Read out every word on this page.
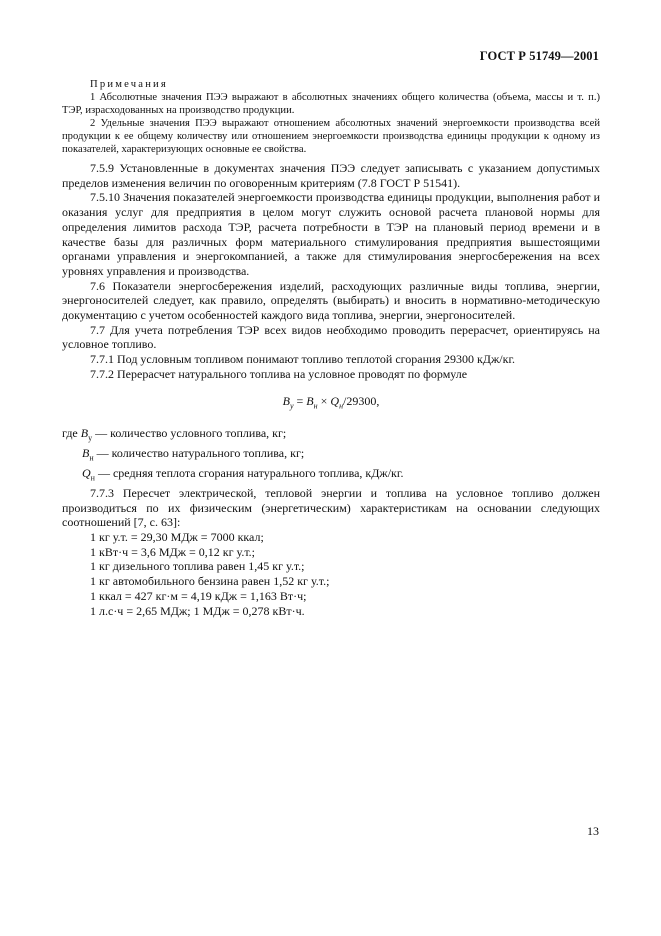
ГОСТ Р 51749—2001
Примечания

1 Абсолютные значения ПЭЭ выражают в абсолютных значениях общего количества (объема, массы и т. п.) ТЭР, израсходованных на производство продукции.

2 Удельные значения ПЭЭ выражают отношением абсолютных значений энергоемкости производства всей продукции к ее общему количеству или отношением энергоемкости производства единицы продукции к одному из показателей, характеризующих основные ее свойства.

7.5.9 Установленные в документах значения ПЭЭ следует записывать с указанием допустимых пределов изменения величин по оговоренным критериям (7.8 ГОСТ Р 51541).

7.5.10 Значения показателей энергоемкости производства единицы продукции, выполнения работ и оказания услуг для предприятия в целом могут служить основой расчета плановой нормы для определения лимитов расхода ТЭР, расчета потребности в ТЭР на плановый период времени и в качестве базы для различных форм материального стимулирования предприятия вышестоящими органами управления и энергокомпанией, а также для стимулирования энергосбережения на всех уровнях управления и производства.

7.6 Показатели энергосбережения изделий, расходующих различные виды топлива, энергии, энергоносителей следует, как правило, определять (выбирать) и вносить в нормативно-методическую документацию с учетом особенностей каждого вида топлива, энергии, энергоносителей.

7.7 Для учета потребления ТЭР всех видов необходимо проводить перерасчет, ориентируясь на условное топливо.

7.7.1 Под условным топливом понимают топливо теплотой сгорания 29300 кДж/кг.

7.7.2 Перерасчет натурального топлива на условное проводят по формуле

$B_у = B_н \times Q_н/29300$,
где $B_у$ — количество условного топлива, кг;
$B_н$ — количество натурального топлива, кг;
$Q_н$ — средняя теплота сгорания натурального топлива, кДж/кг.

7.7.3 Пересчет электрической, тепловой энергии и топлива на условное топливо должен производиться по их физическим (энергетическим) характеристикам на основании следующих соотношений [7, с. 63]:

1 кг у.т. = 29,30 МДж = 7000 ккал;

1 кВт·ч = 3,6 МДж = 0,12 кг у.т.;

1 кг дизельного топлива равен 1,45 кг у.т.;

1 кг автомобильного бензина равен 1,52 кг у.т.;

1 ккал = 427 кг·м = 4,19 кДж = 1,163 Вт·ч;

1 л.с·ч = 2,65 МДж; 1 МДж = 0,278 кВт·ч.

13
